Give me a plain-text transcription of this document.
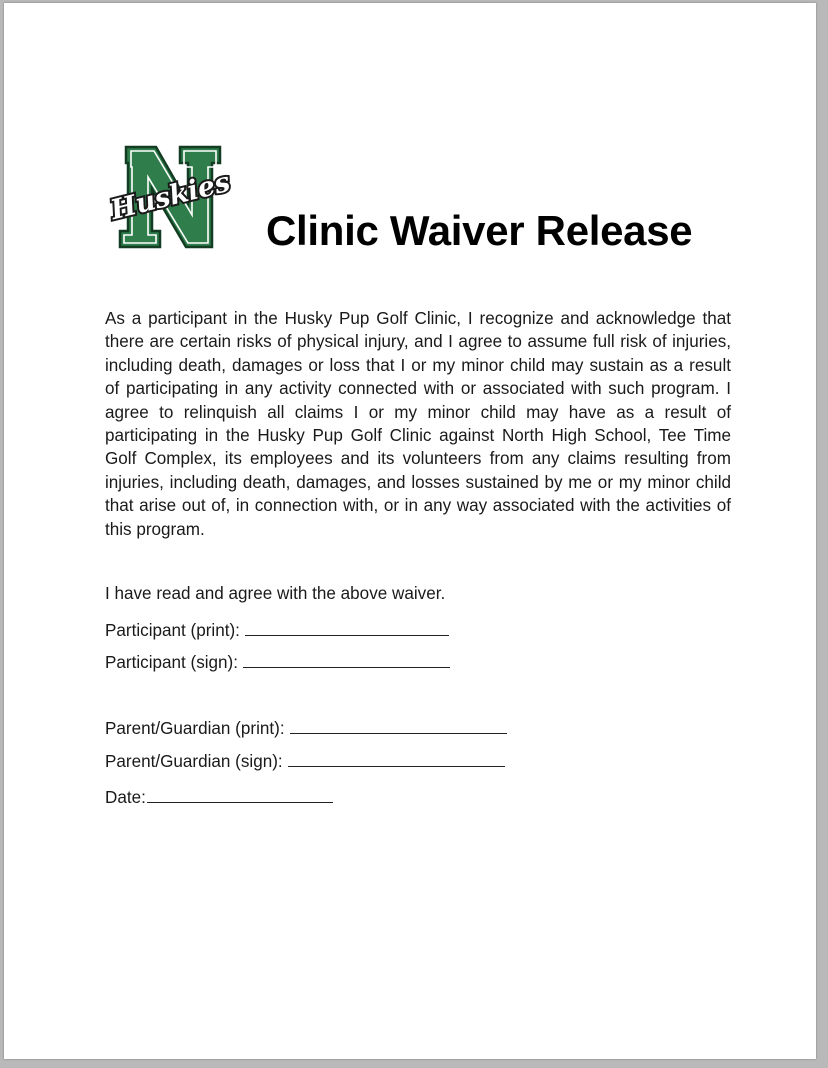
Huskies
Clinic Waiver Release

As a participant in the Husky Pup Golf Clinic, I recognize and acknowledge that there are certain risks of physical injury, and I agree to assume full risk of injuries, including death, damages or loss that I or my minor child may sustain as a result of participating in any activity connected with or associated with such program. I agree to relinquish all claims I or my minor child may have as a result of participating in the Husky Pup Golf Clinic against North High School, Tee Time Golf Complex, its employees and its volunteers from any claims resulting from injuries, including death, damages, and losses sustained by me or my minor child that arise out of, in connection with, or in any way associated with the activities of this program.

I have read and agree with the above waiver.

Participant (print):
Participant (sign):
Parent/Guardian (print):
Parent/Guardian (sign):
Date:
